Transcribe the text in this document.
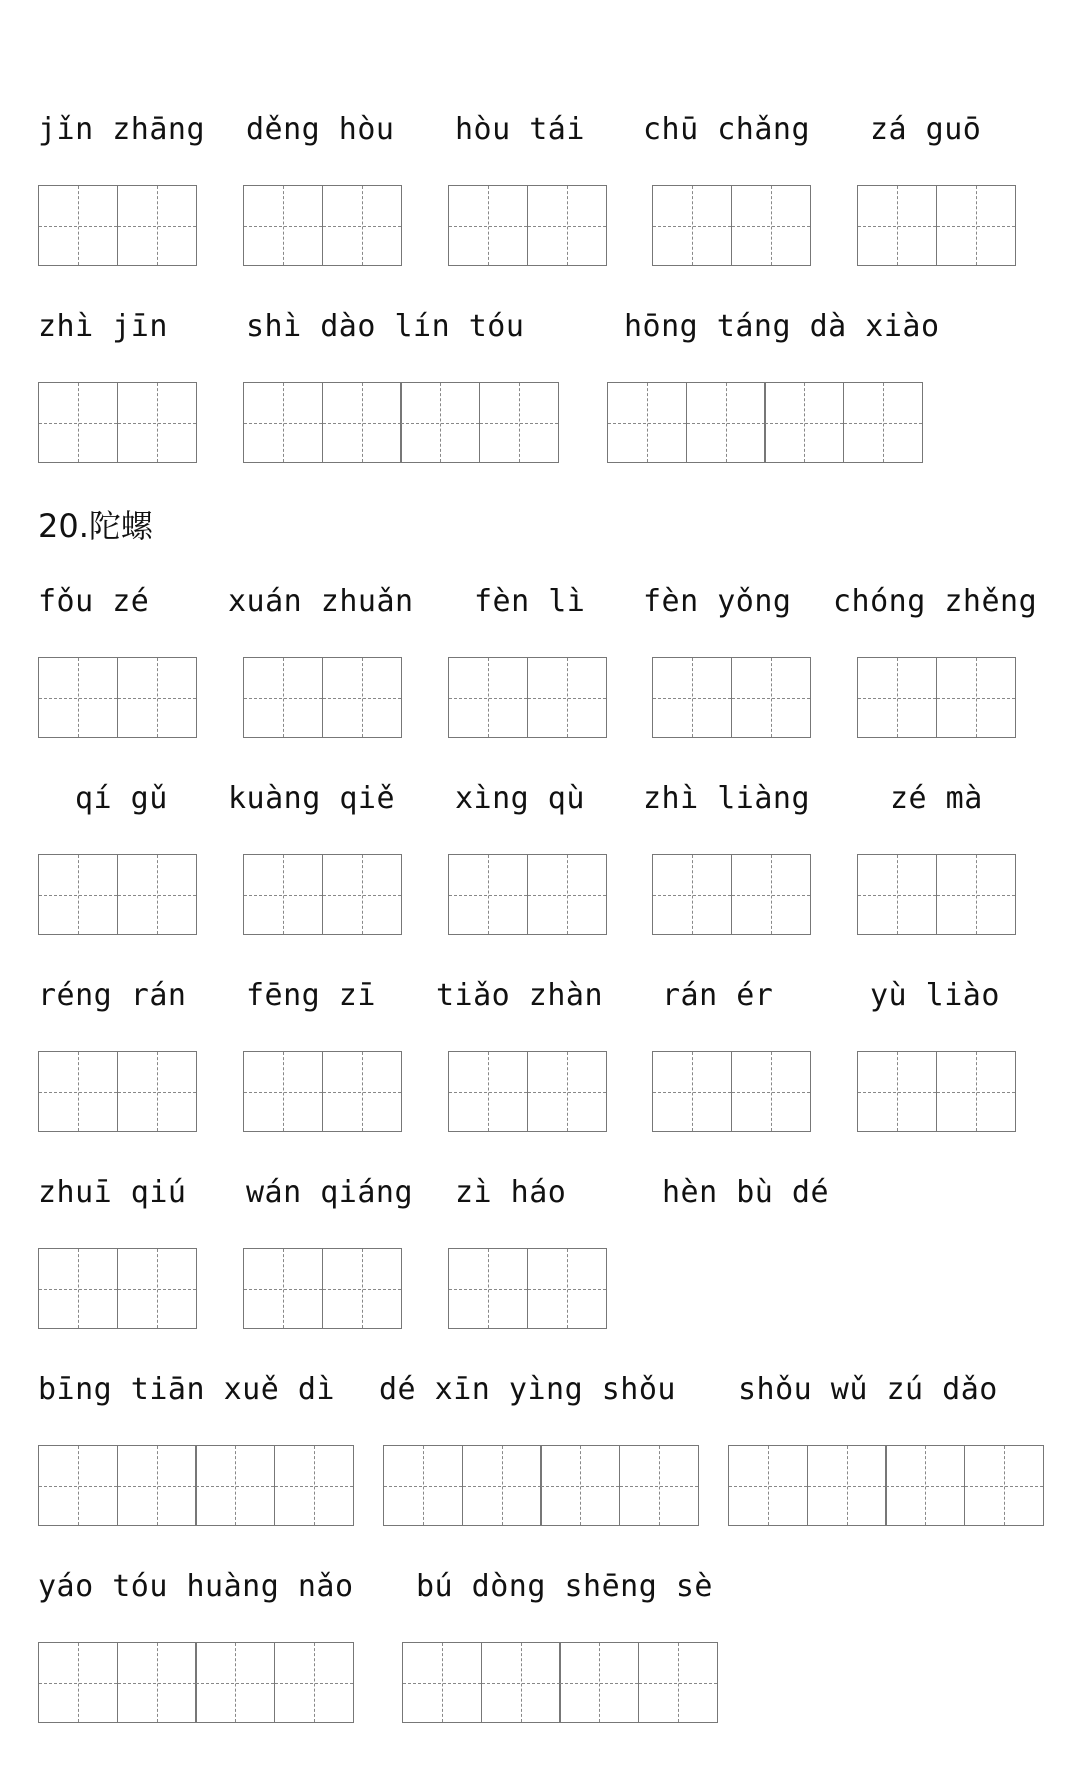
20.陀螺
jǐn zhāng děng hòu hòu tái chū chǎng zá guō
zhì jīn	shì dào lín tóu	hōng táng dà xiào
fǒu zé	xuán zhuǎn fèn lì fèn yǒng chóng zhěng
qí gǔ kuàng qiě xìng qù zhì liàng	zé mà
réng rán fēng zī tiǎo zhàn rán ér	yù liào
zhuī qiú wán qiáng zì háo	hèn bù dé
bīng tiān xuě dì dé xīn yìng shǒu shǒu wǔ zú dǎo
yáo tóu huàng nǎo bú dòng shēng sè
